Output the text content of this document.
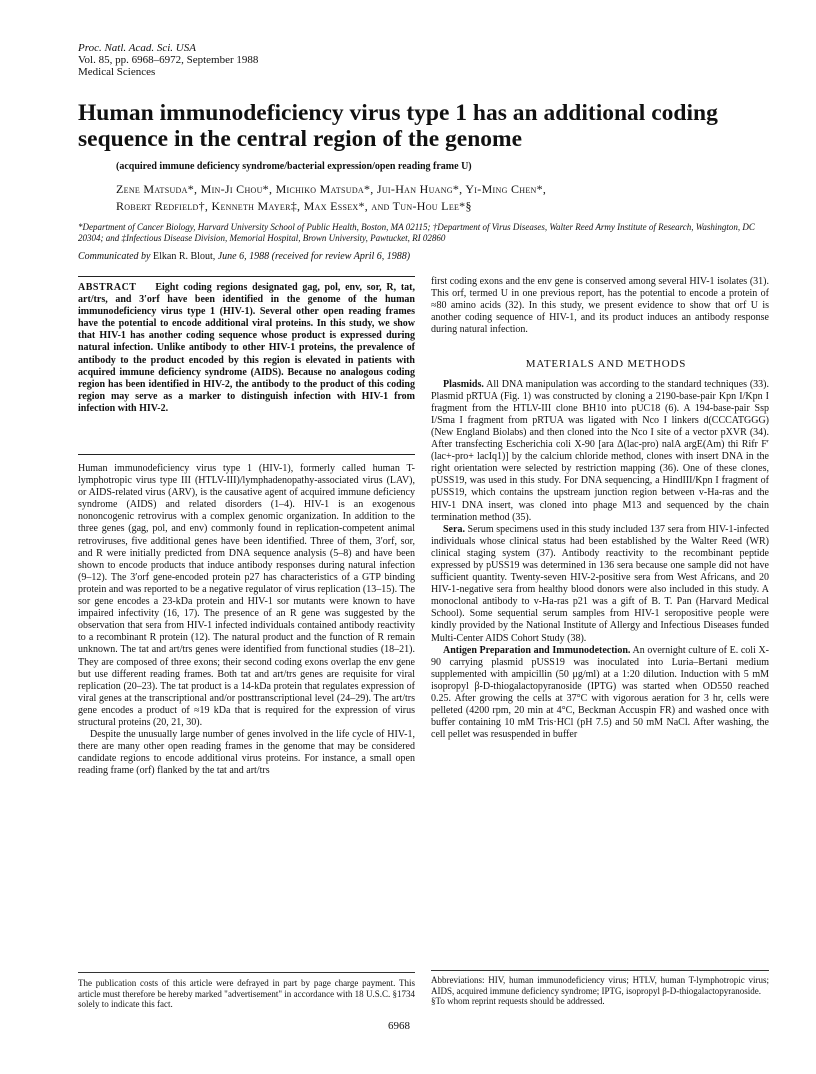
Proc. Natl. Acad. Sci. USA
Vol. 85, pp. 6968–6972, September 1988
Medical Sciences
Human immunodeficiency virus type 1 has an additional coding sequence in the central region of the genome
(acquired immune deficiency syndrome/bacterial expression/open reading frame U)
Zene Matsuda*, Min-Ji Chou*, Michiko Matsuda*, Jui-Han Huang*, Yi-Ming Chen*,
Robert Redfield†, Kenneth Mayer‡, Max Essex*, and Tun-Hou Lee*§
*Department of Cancer Biology, Harvard University School of Public Health, Boston, MA 02115; †Department of Virus Diseases, Walter Reed Army Institute of Research, Washington, DC 20304; and ‡Infectious Disease Division, Memorial Hospital, Brown University, Pawtucket, RI 02860
Communicated by Elkan R. Blout, June 6, 1988 (received for review April 6, 1988)

ABSTRACT Eight coding regions designated gag, pol, env, sor, R, tat, art/trs, and 3′orf have been identified in the genome of the human immunodeficiency virus type 1 (HIV-1). Several other open reading frames have the potential to encode additional viral proteins. In this study, we show that HIV-1 has another coding sequence whose product is expressed during natural infection. Unlike antibody to other HIV-1 proteins, the prevalence of antibody to the product encoded by this region is elevated in patients with acquired immune deficiency syndrome (AIDS). Because no analogous coding region has been identified in HIV-2, the antibody to the product of this coding region may serve as a marker to distinguish infection with HIV-1 from infection with HIV-2.

Human immunodeficiency virus type 1 (HIV-1), formerly called human T-lymphotropic virus type III (HTLV-III)/lymphadenopathy-associated virus (LAV), or AIDS-related virus (ARV), is the causative agent of acquired immune deficiency syndrome (AIDS) and related disorders (1–4). HIV-1 is an exogenous nononcogenic retrovirus with a complex genomic organization. In addition to the three genes (gag, pol, and env) commonly found in replication-competent animal retroviruses, five additional genes have been identified. Three of them, 3′orf, sor, and R were initially predicted from DNA sequence analysis (5–8) and have been shown to encode products that induce antibody responses during natural infection (9–12). The 3′orf gene-encoded protein p27 has characteristics of a GTP binding protein and was reported to be a negative regulator of virus replication (13–15). The sor gene encodes a 23-kDa protein and HIV-1 sor mutants were known to have impaired infectivity (16, 17). The presence of an R gene was suggested by the observation that sera from HIV-1 infected individuals contained antibody reactivity to a recombinant R protein (12). The natural product and the function of R remain unknown. The tat and art/trs genes were identified from functional studies (18–21). They are composed of three exons; their second coding exons overlap the env gene but use different reading frames. Both tat and art/trs genes are requisite for viral replication (20–23). The tat product is a 14-kDa protein that regulates expression of viral genes at the transcriptional and/or posttranscriptional level (24–29). The art/trs gene encodes a product of ≈19 kDa that is required for the expression of virus structural proteins (20, 21, 30).

Despite the unusually large number of genes involved in the life cycle of HIV-1, there are many other open reading frames in the genome that may be considered candidate regions to encode additional virus proteins. For instance, a small open reading frame (orf) flanked by the tat and art/trs

The publication costs of this article were defrayed in part by page charge payment. This article must therefore be hereby marked "advertisement" in accordance with 18 U.S.C. §1734 solely to indicate this fact.

first coding exons and the env gene is conserved among several HIV-1 isolates (31). This orf, termed U in one previous report, has the potential to encode a protein of ≈80 amino acids (32). In this study, we present evidence to show that orf U is another coding sequence of HIV-1, and its product induces an antibody response during natural infection.

MATERIALS AND METHODS

Plasmids. All DNA manipulation was according to the standard techniques (33). Plasmid pRTUA (Fig. 1) was constructed by cloning a 2190-base-pair Kpn I/Kpn I fragment from the HTLV-III clone BH10 into pUC18 (6). A 194-base-pair Ssp I/Sma I fragment from pRTUA was ligated with Nco I linkers d(CCCATGGG) (New England Biolabs) and then cloned into the Nco I site of a vector pXVR (34). After transfecting Escherichia coli X-90 [ara Δ(lac-pro) nalA argE(Am) thi Rifr F′(lac+-pro+ lacIq1)] by the calcium chloride method, clones with insert DNA in the right orientation were selected by restriction mapping (36). One of these clones, pUSS19, was used in this study. For DNA sequencing, a HindIII/Kpn I fragment of pUSS19, which contains the upstream junction region between v-Ha-ras and the HIV-1 DNA insert, was cloned into phage M13 and sequenced by the chain termination method (35).

Sera. Serum specimens used in this study included 137 sera from HIV-1-infected individuals whose clinical status had been established by the Walter Reed (WR) clinical staging system (37). Antibody reactivity to the recombinant peptide expressed by pUSS19 was determined in 136 sera because one sample did not have sufficient quantity. Twenty-seven HIV-2-positive sera from West Africans, and 20 HIV-1-negative sera from healthy blood donors were also included in this study. A monoclonal antibody to v-Ha-ras p21 was a gift of B. T. Pan (Harvard Medical School). Some sequential serum samples from HIV-1 seropositive people were kindly provided by the National Institute of Allergy and Infectious Diseases funded Multi-Center AIDS Cohort Study (38).

Antigen Preparation and Immunodetection. An overnight culture of E. coli X-90 carrying plasmid pUSS19 was inoculated into Luria–Bertani medium supplemented with ampicillin (50 μg/ml) at a 1:20 dilution. Induction with 5 mM isopropyl β-D-thiogalactopyranoside (IPTG) was started when OD550 reached 0.25. After growing the cells at 37°C with vigorous aeration for 3 hr, cells were pelleted (4200 rpm, 20 min at 4°C, Beckman Accuspin FR) and washed once with buffer containing 10 mM Tris·HCl (pH 7.5) and 50 mM NaCl. After washing, the cell pellet was resuspended in buffer

Abbreviations: HIV, human immunodeficiency virus; HTLV, human T-lymphotropic virus; AIDS, acquired immune deficiency syndrome; IPTG, isopropyl β-D-thiogalactopyranoside.
§To whom reprint requests should be addressed.
6968
